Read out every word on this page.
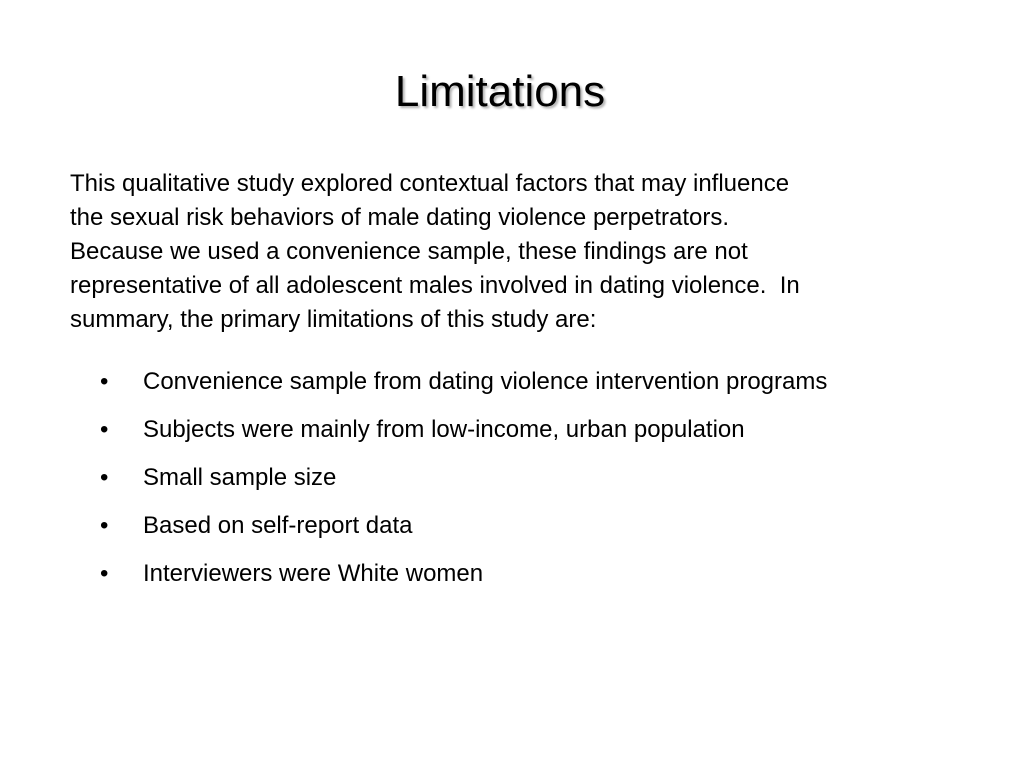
Limitations

This qualitative study explored contextual factors that may influence
the sexual risk behaviors of male dating violence perpetrators.
Because we used a convenience sample, these findings are not
representative of all adolescent males involved in dating violence.  In
summary, the primary limitations of this study are:

•	Convenience sample from dating violence intervention programs
•	Subjects were mainly from low-income, urban population
•	Small sample size
•	Based on self-report data
•	Interviewers were White women
